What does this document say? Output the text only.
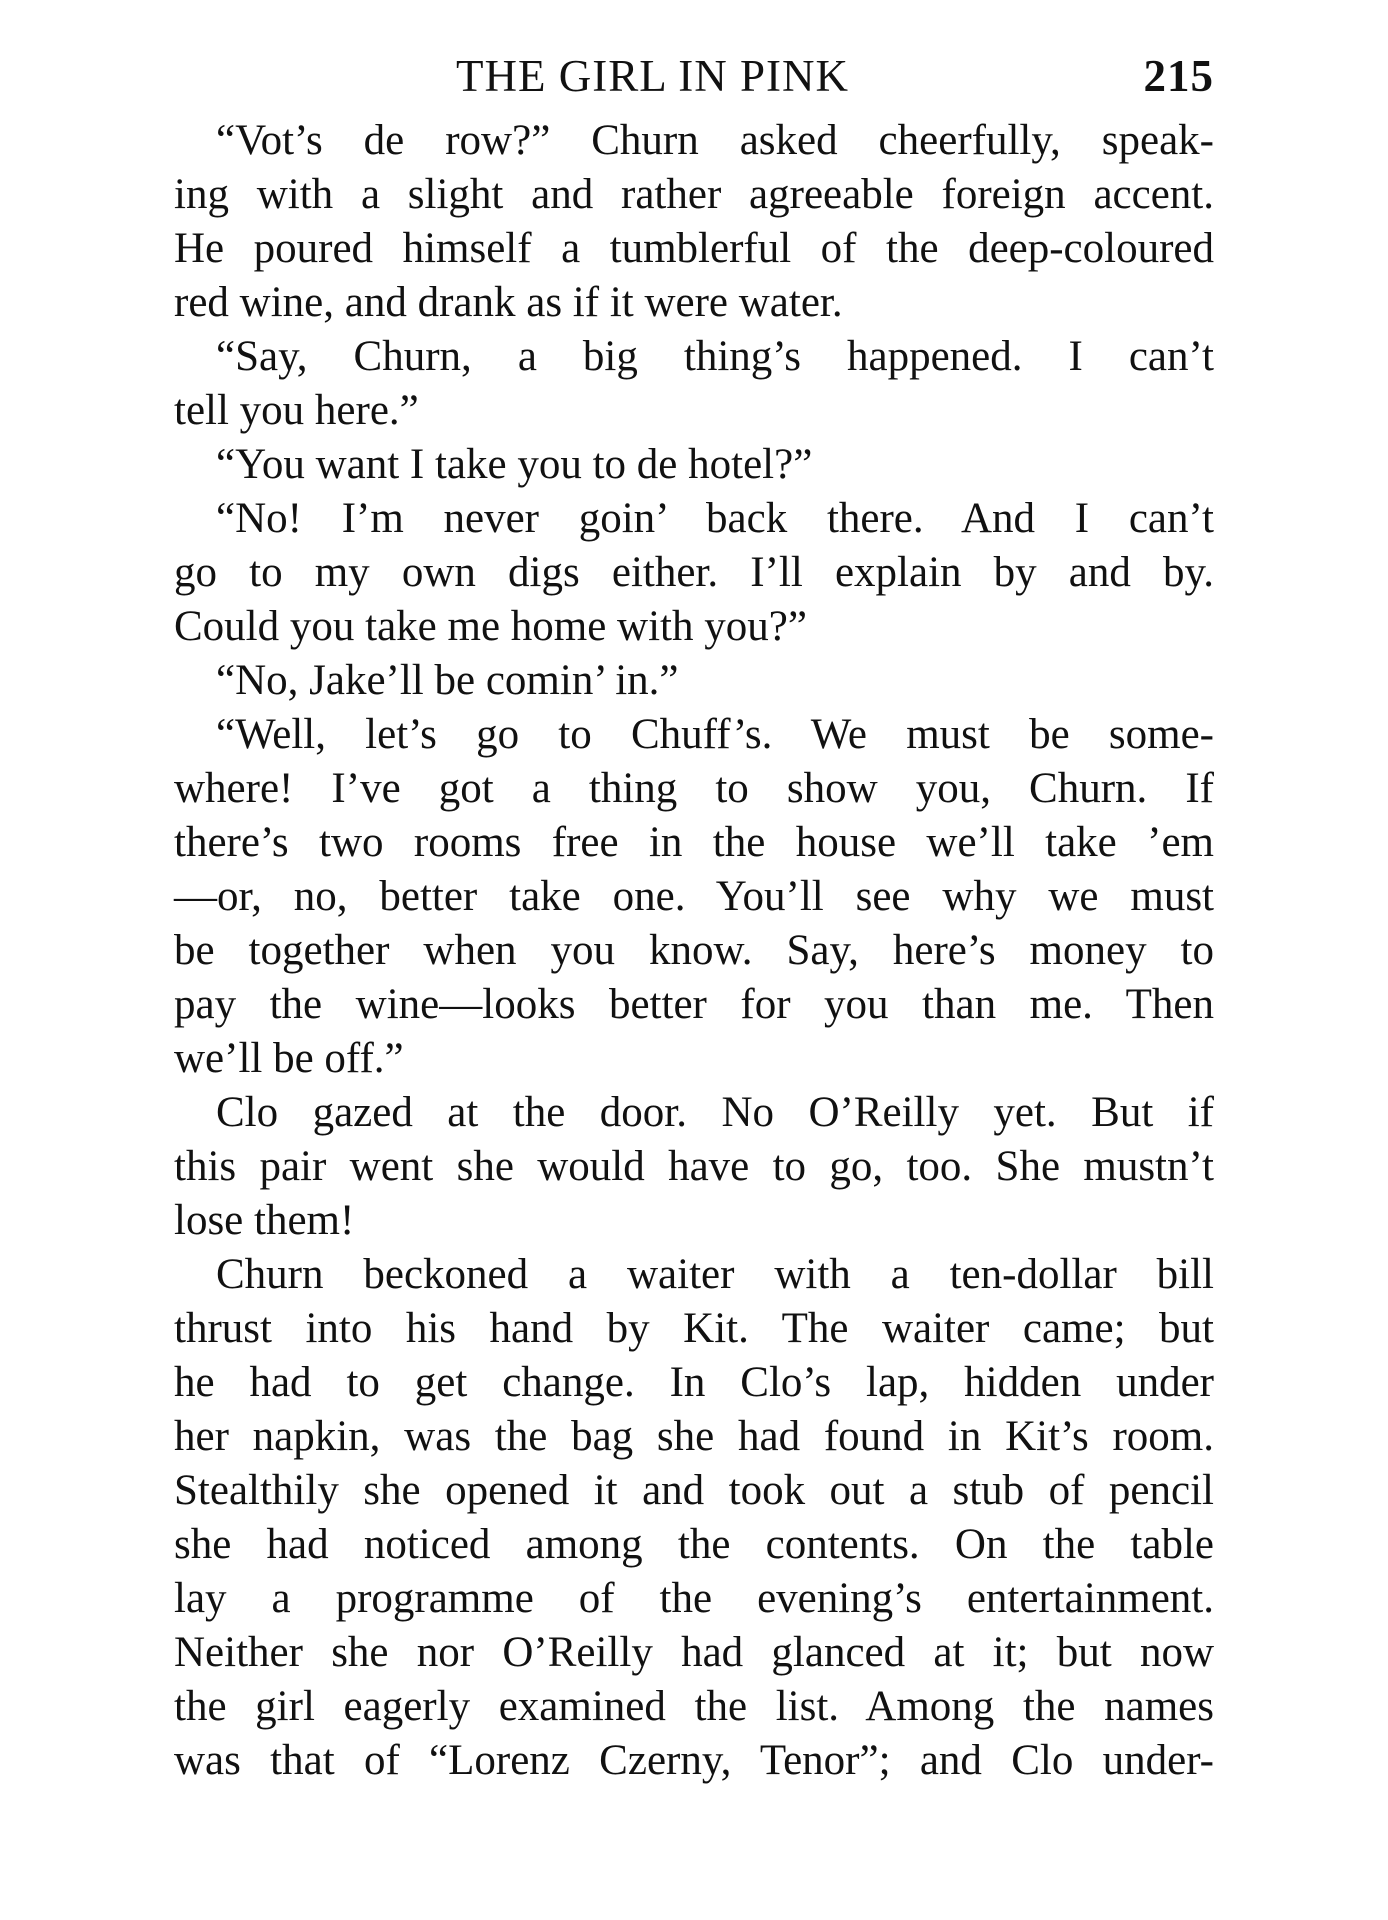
THE GIRL IN PINK	215
“Vot’s de row?” Churn asked cheerfully, speak-
ing with a slight and rather agreeable foreign accent.
He poured himself a tumblerful of the deep-coloured
red wine, and drank as if it were water.
“Say, Churn, a big thing’s happened. I can’t
tell you here.”
“You want I take you to de hotel?”
“No! I’m never goin’ back there. And I can’t
go to my own digs either. I’ll explain by and by.
Could you take me home with you?”
“No, Jake’ll be comin’ in.”
“Well, let’s go to Chuff’s. We must be some-
where! I’ve got a thing to show you, Churn. If
there’s two rooms free in the house we’ll take ’em
—or, no, better take one. You’ll see why we must
be together when you know. Say, here’s money to
pay the wine—looks better for you than me. Then
we’ll be off.”
Clo gazed at the door. No O’Reilly yet. But if
this pair went she would have to go, too. She mustn’t
lose them!
Churn beckoned a waiter with a ten-dollar bill
thrust into his hand by Kit. The waiter came; but
he had to get change. In Clo’s lap, hidden under
her napkin, was the bag she had found in Kit’s room.
Stealthily she opened it and took out a stub of pencil
she had noticed among the contents. On the table
lay a programme of the evening’s entertainment.
Neither she nor O’Reilly had glanced at it; but now
the girl eagerly examined the list. Among the names
was that of “Lorenz Czerny, Tenor”; and Clo under-
